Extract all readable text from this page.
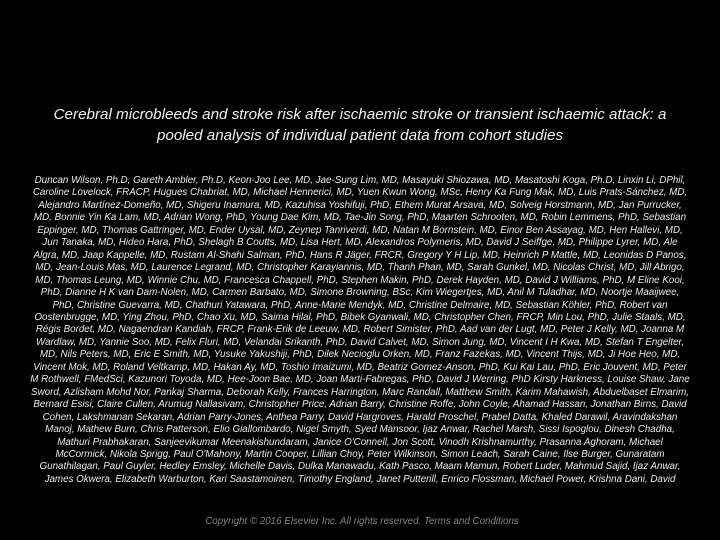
Cerebral microbleeds and stroke risk after ischaemic stroke or transient ischaemic attack: a pooled analysis of individual patient data from cohort studies
Duncan Wilson, Ph.D, Gareth Ambler, Ph.D, Keon-Joo Lee, MD, Jae-Sung Lim, MD, Masayuki Shiozawa, MD, Masatoshi Koga, Ph.D, Linxin Li, DPhil, Caroline Lovelock, FRACP, Hugues Chabriat, MD, Michael Hennerici, MD, Yuen Kwun Wong, MSc, Henry Ka Fung Mak, MD, Luis Prats-Sánchez, MD, Alejandro Martínez-Domeño, MD, Shigeru Inamura, MD, Kazuhisa Yoshifuji, PhD, Ethem Murat Arsava, MD, Solveig Horstmann, MD, Jan Purrucker, MD, Bonnie Yin Ka Lam, MD, Adrian Wong, PhD, Young Dae Kim, MD, Tae-Jin Song, PhD, Maarten Schrooten, MD, Robin Lemmens, PhD, Sebastian Eppinger, MD, Thomas Gattringer, MD, Ender Uysal, MD, Zeynep Tanriverdi, MD, Natan M Bornstein, MD, Einor Ben Assayag, MD, Hen Hallevi, MD, Jun Tanaka, MD, Hideo Hara, PhD, Shelagh B Coutts, MD, Lisa Hert, MD, Alexandros Polymeris, MD, David J Seiffge, MD, Philippe Lyrer, MD, Ale Algra, MD, Jaap Kappelle, MD, Rustam Al-Shahi Salman, PhD, Hans R Jäger, FRCR, Gregory Y H Lip, MD, Heinrich P Mattle, MD, Leonidas D Panos, MD, Jean-Louis Mas, MD, Laurence Legrand, MD, Christopher Karayiannis, MD, Thanh Phan, MD, Sarah Gunkel, MD, Nicolas Christ, MD, Jill Abrigo, MD, Thomas Leung, MD, Winnie Chu, MD, Francesca Chappell, PhD, Stephen Makin, PhD, Derek Hayden, MD, David J Williams, PhD, M Eline Kooi, PhD, Dianne H K van Dam-Nolen, MD, Carmen Barbato, MD, Simone Browning, BSc, Kim Wiegertjes, MD, Anil M Tuladhar, MD, Noortje Maaijwee, PhD, Christine Guevarra, MD, Chathuri Yatawara, PhD, Anne-Marie Mendyk, MD, Christine Delmaire, MD, Sebastian Köhler, PhD, Robert van Oostenbrugge, MD, Ying Zhou, PhD, Chao Xu, MD, Saima Hilal, PhD, Bibek Gyanwali, MD, Christopher Chen, FRCP, Min Lou, PhD, Julie Staals, MD, Régis Bordet, MD, Nagaendran Kandiah, FRCP, Frank-Erik de Leeuw, MD, Robert Simister, PhD, Aad van der Lugt, MD, Peter J Kelly, MD, Joanna M Wardlaw, MD, Yannie Soo, MD, Felix Fluri, MD, Velandai Srikanth, PhD, David Calvet, MD, Simon Jung, MD, Vincent I H Kwa, MD, Stefan T Engelter, MD, Nils Peters, MD, Eric E Smith, MD, Yusuke Yakushiji, PhD, Dilek Necioglu Orken, MD, Franz Fazekas, MD, Vincent Thijs, MD, Ji Hoe Heo, MD, Vincent Mok, MD, Roland Veltkamp, MD, Hakan Ay, MD, Toshio Imaizumi, MD, Beatriz Gomez-Anson, PhD, Kui Kai Lau, PhD, Eric Jouvent, MD, Peter M Rothwell, FMedSci, Kazunori Toyoda, MD, Hee-Joon Bae, MD, Joan Marti-Fabregas, PhD, David J Werring, PhD Kirsty Harkness, Louise Shaw, Jane Sword, Azlisham Mohd Nor, Pankaj Sharma, Deborah Kelly, Frances Harrington, Marc Randall, Matthew Smith, Karim Mahawish, Abduelbaset Elmarim, Bernard Esisi, Claire Cullen, Arumug Nallasivam, Christopher Price, Adrian Barry, Christine Roffe, John Coyle, Ahamad Hassan, Jonathan Birns, David Cohen, Lakshmanan Sekaran, Adrian Parry-Jones, Anthea Parry, David Hargroves, Harald Proschel, Prabel Datta, Khaled Darawil, Aravindakshan Manoj, Mathew Burn, Chris Patterson, Elio Giallombardo, Nigel Smyth, Syed Mansoor, Ijaz Anwar, Rachel Marsh, Sissi Ispoglou, Dinesh Chadha, Mathuri Prabhakaran, Sanjeevikumar Meenakishundaram, Janice O'Connell, Jon Scott, Vinodh Krishnamurthy, Prasanna Aghoram, Michael McCormick, Nikola Sprigg, Paul O'Mahony, Martin Cooper, Lillian Choy, Peter Wilkinson, Simon Leach, Sarah Caine, Ilse Burger, Gunaratam Gunathilagan, Paul Guyler, Hedley Emsley, Michelle Davis, Dulka Manawadu, Kath Pasco, Maam Mamun, Robert Luder, Mahmud Sajid, Ijaz Anwar, James Okwera, Elizabeth Warburton, Kari Saastamoinen, Timothy England, Janet Putterill, Enrico Flossman, Michael Power, Krishna Dani, David
Copyright © 2016 Elsevier Inc. All rights reserved. Terms and Conditions
